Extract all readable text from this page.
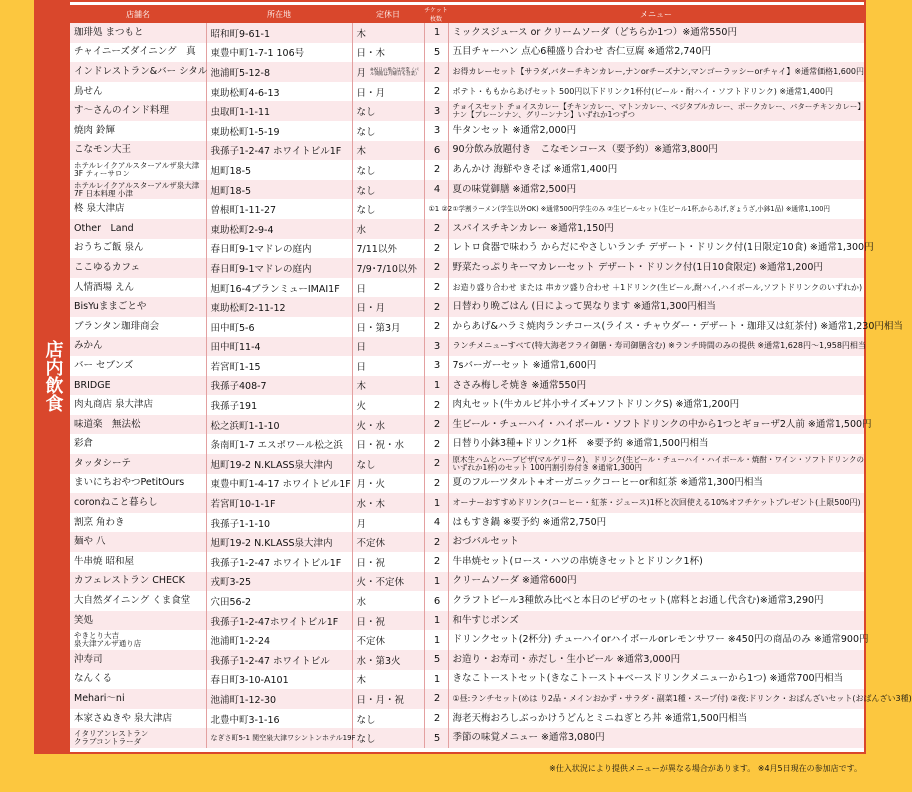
店内飲食
店舗名	所在地	定休日	チケット枚数	メニュー
珈琲処 まつもと	昭和町9-61-1	木	1	ミックスジュース or クリームソーダ（どちらか1つ）※通常550円
チャイニーズダイニング　真	東豊中町1-7-1 106号	日・木	5	五目チャーハン 点心6種盛り合わせ 杏仁豆腐 ※通常2,740円
インドレストラン&バー シタル	池浦町5-12-8	月 ※祝日の場合は営業（パル開館は月曜日も営業）	2	お得カレーセット【サラダ,バターチキンカレー,ナンorチーズナン,マンゴーラッシーorチャイ】※通常価格1,600円
鳥せん	東助松町4-6-13	日・月	2	ポテト・ももからあげセット 500円以下ドリンク1杯付(ビール・酎ハイ・ソフトドリンク) ※通常1,400円
す〜さんのインド料理	虫取町1-1-11	なし	3	チョイスセット チョイスカレー【チキンカレー、マトンカレー、ベジタブルカレー、ポークカレー、バターチキンカレー】
ナン【プレーンナン、グリーンナン】いずれか1つずつ

焼肉 鈴輝	東助松町1-5-19	なし	3	牛タンセット ※通常2,000円
こなモン大王	我孫子1-2-47 ホワイトビル1F	木	6	90分飲み放題付き　こなモンコース（要予約）※通常3,800円

ホテルレイクアルスターアルザ泉大津
3F ティーサロン	旭町18-5	なし	2	あんかけ 海鮮やきそば ※通常1,400円

ホテルレイクアルスターアルザ泉大津
7F 日本料理 小津	旭町18-5	なし	4	夏の味覚御膳 ※通常2,500円
柊 泉大津店	曽根町1-11-27	なし	①1 ②2	①学割ラーメン(学生以外OK) ※通常500円学生のみ ②生ビールセット(生ビール1杯,からあげ,ぎょうざ,小鉢1品) ※通常1,100円
Other　Land	東助松町2-9-4	水	2	スパイスチキンカレー ※通常1,150円
おうちご飯 泉ん	春日町9-1マドレの庭内	7/11以外	2	レトロ食器で味わう からだにやさしいランチ デザート・ドリンク付(1日限定10食) ※通常1,300円
ここゆるカフェ	春日町9-1マドレの庭内	7/9･7/10以外	2	野菜たっぷりキーマカレーセット デザート・ドリンク付(1日10食限定) ※通常1,200円
人情酒場 えん	旭町16-4ブランミューIMAI1F	日	2	お造り盛り合わせ または 串カツ盛り合わせ ＋1ドリンク(生ビール,酎ハイ,ハイボール,ソフトドリンクのいずれか)
BisYuままごとや	東助松町2-11-12	日・月	2	日替わり晩ごはん (日によって異なります ※通常1,300円相当
ブランタン珈琲商会	田中町5-6	日・第3月	2	からあげ&ハラミ焼肉ランチコース(ライス・チャウダー・デザート・珈琲又は紅茶付) ※通常1,230円相当
みかん	田中町11-4	日	3	ランチメニューすべて(特大海老フライ御膳・寿司御膳含む) ※ランチ時間のみの提供 ※通常1,628円〜1,958円相当
バー セブンズ	若宮町1-15	日	3	7sバーガーセット ※通常1,600円
BRIDGE	我孫子408-7	木	1	ささみ梅しそ焼き ※通常550円
肉丸商店 泉大津店	我孫子191	火	2	肉丸セット(牛カルビ丼小サイズ+ソフトドリンクS) ※通常1,200円
味道楽　無法松	松之浜町1-1-10	火・水	2	生ビール・チューハイ・ハイボール・ソフトドリンクの中から1つとギョーザ2人前 ※通常1,500円
彩倉	条南町1-7 エスポワール松之浜	日・祝・水	2	日替り小鉢3種+ドリンク1杯　※要予約 ※通常1,500円相当
タッタシーテ	旭町19-2 N.KLASS泉大津内	なし	2	原木生ハムとハーブピザ(マルゲリータ)、ドリンク(生ビール・チューハイ・ハイボール・焼酎・ワイン・ソフトドリンクの
いずれか1杯)のセット 100円割引券付き ※通常1,300円

まいにちおやつPetitOurs	東豊中町1-4-17 ホワイトビル1F	月・火	2	夏のフルーツタルト+オーガニックコーヒーor和紅茶 ※通常1,300円相当
coronねこと暮らし	若宮町10-1-1F	水・木	1	オーナーおすすめドリンク(コーヒー・紅茶・ジュース)1杯と次回使える10%オフチケットプレゼント(上限500円)
割烹 角わき	我孫子1-1-10	月	4	はもすき鍋 ※要予約 ※通常2,750円
麺や 八	旭町19-2 N.KLASS泉大津内	不定休	2	おづバルセット
牛串焼 昭和屋	我孫子1-2-47 ホワイトビル1F	日・祝	2	牛串焼セット(ロース・ハツの串焼きセットとドリンク1杯)
カフェレストラン CHECK	戎町3-25	火・不定休	1	クリームソーダ ※通常600円
大自然ダイニング くま食堂	穴田56-2	水	6	クラフトビール3種飲み比べと本日のピザのセット(席料とお通し代含む)※通常3,290円
笑処	我孫子1-2-47ホワイトビル1F	日・祝	1	和牛すじポンズ

やきとり大吉
泉大津アルザ通り店	池浦町1-2-24	不定休	1	ドリンクセット(2杯分) チューハイorハイボールorレモンサワー ※450円の商品のみ ※通常900円
沖寿司	我孫子1-2-47 ホワイトビル	水・第3火	5	お造り・お寿司・赤だし・生小ビール ※通常3,000円
なんくる	春日町3-10-A101	木	1	きなこトーストセット(きなこトースト+ベースドリンクメニューから1つ) ※通常700円相当
Mehari〜ni	池浦町1-12-30	日・月・祝	2	①昼:ランチセット(めは り2品・メインおかず・サラダ・副菜1種・スープ付) ②夜:ドリンク・おばんざいセット(おばんざい3種)
本家さぬきや 泉大津店	北豊中町3-1-16	なし	2	海老天梅おろしぶっかけうどんとミニねぎとろ丼 ※通常1,500円相当

イタリアンレストラン
クラブコントラーダ	なぎさ町5-1 関空泉大津ワシントンホテル19F	なし	5	季節の味覚メニュー ※通常3,080円
※仕入状況により提供メニューが異なる場合があります。 ※4月5日現在の参加店です。
